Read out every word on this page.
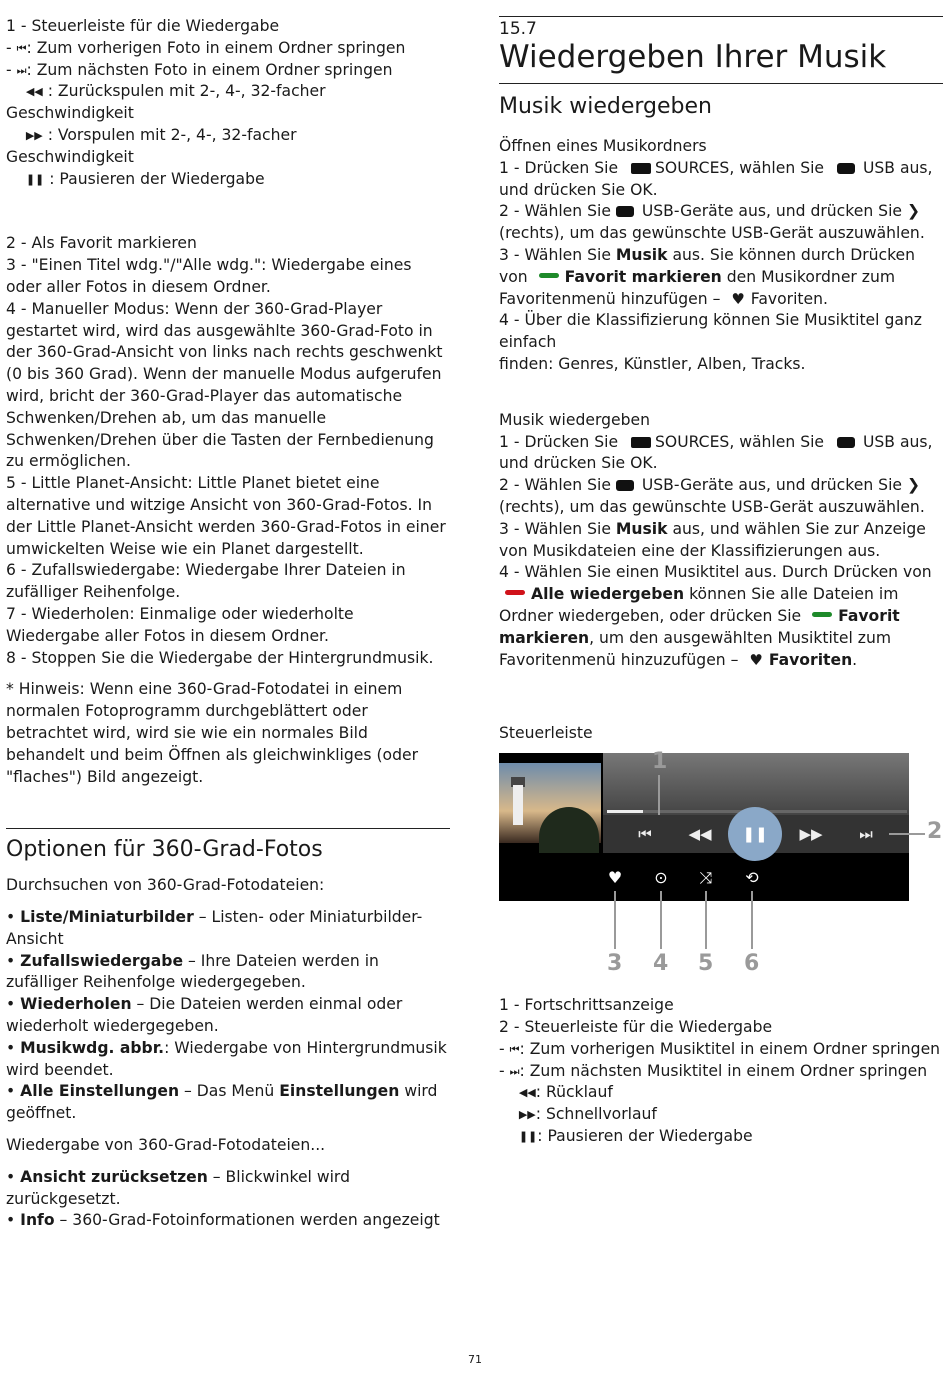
1 - Steuerleiste für die Wiedergabe

- ⏮: Zum vorherigen Foto in einem Ordner springen

- ⏭: Zum nächsten Foto in einem Ordner springen

◀◀ : Zurückspulen mit 2-, 4-, 32-facher

Geschwindigkeit

▶▶ : Vorspulen mit 2-, 4-, 32-facher

Geschwindigkeit

❚❚ : Pausieren der Wiedergabe

2 - Als Favorit markieren

3 - "Einen Titel wdg."/"Alle wdg.": Wiedergabe eines oder aller Fotos in diesem Ordner.

4 - Manueller Modus: Wenn der 360-Grad-Player gestartet wird, wird das ausgewählte 360-Grad-Foto in der 360-Grad-Ansicht von links nach rechts geschwenkt (0 bis 360 Grad). Wenn der manuelle Modus aufgerufen wird, bricht der 360-Grad-Player das automatische Schwenken/Drehen ab, um das manuelle Schwenken/Drehen über die Tasten der Fernbedienung zu ermöglichen.

5 - Little Planet-Ansicht: Little Planet bietet eine alternative und witzige Ansicht von 360-Grad-Fotos. In der Little Planet-Ansicht werden 360-Grad-Fotos in einer umwickelten Weise wie ein Planet dargestellt.

6 - Zufallswiedergabe: Wiedergabe Ihrer Dateien in zufälliger Reihenfolge.

7 - Wiederholen: Einmalige oder wiederholte Wiedergabe aller Fotos in diesem Ordner.

8 - Stoppen Sie die Wiedergabe der Hintergrundmusik.

* Hinweis: Wenn eine 360-Grad-Fotodatei in einem normalen Fotoprogramm durchgeblättert oder betrachtet wird, wird sie wie ein normales Bild behandelt und beim Öffnen als gleichwinkliges (oder "flaches") Bild angezeigt.

Optionen für 360-Grad-Fotos

Durchsuchen von 360-Grad-Fotodateien:

• Liste/Miniaturbilder – Listen- oder Miniaturbilder-Ansicht

• Zufallswiedergabe – Ihre Dateien werden in zufälliger Reihenfolge wiedergegeben.

• Wiederholen – Die Dateien werden einmal oder wiederholt wiedergegeben.

• Musikwdg. abbr.: Wiedergabe von Hintergrundmusik wird beendet.

• Alle Einstellungen – Das Menü Einstellungen wird geöffnet.

Wiedergabe von 360-Grad-Fotodateien...

• Ansicht zurücksetzen – Blickwinkel wird zurückgesetzt.

• Info – 360-Grad-Fotoinformationen werden angezeigt

15.7

Wiedergeben Ihrer Musik
Musik wiedergeben

Öffnen eines Musikordners

1 - Drücken Sie SOURCES, wählen Sie USB aus, und drücken Sie OK.

2 - Wählen Sie USB-Geräte aus, und drücken Sie ❯ (rechts), um das gewünschte USB-Gerät auszuwählen.

3 - Wählen Sie Musik aus. Sie können durch Drücken von Favorit markieren den Musikordner zum Favoritenmenü hinzufügen – ♥ Favoriten.

4 - Über die Klassifizierung können Sie Musiktitel ganz einfach

finden: Genres, Künstler, Alben, Tracks.

Musik wiedergeben

1 - Drücken Sie SOURCES, wählen Sie USB aus, und drücken Sie OK.

2 - Wählen Sie USB-Geräte aus, und drücken Sie ❯ (rechts), um das gewünschte USB-Gerät auszuwählen.

3 - Wählen Sie Musik aus, und wählen Sie zur Anzeige von Musikdateien eine der Klassifizierungen aus.

4 - Wählen Sie einen Musiktitel aus. Durch Drücken von Alle wiedergeben können Sie alle Dateien im Ordner wiedergeben, oder drücken Sie Favorit markieren, um den ausgewählten Musiktitel zum Favoritenmenü hinzuzufügen – ♥ Favoriten.

Steuerleiste

⏮	◀◀	❚❚	▶▶	⏭
♥	⊙	⤨	⟲
1
2
3 4 5 6

1 - Fortschrittsanzeige

2 - Steuerleiste für die Wiedergabe

- ⏮: Zum vorherigen Musiktitel in einem Ordner springen

- ⏭: Zum nächsten Musiktitel in einem Ordner springen

◀◀: Rücklauf

▶▶: Schnellvorlauf

❚❚: Pausieren der Wiedergabe

71
